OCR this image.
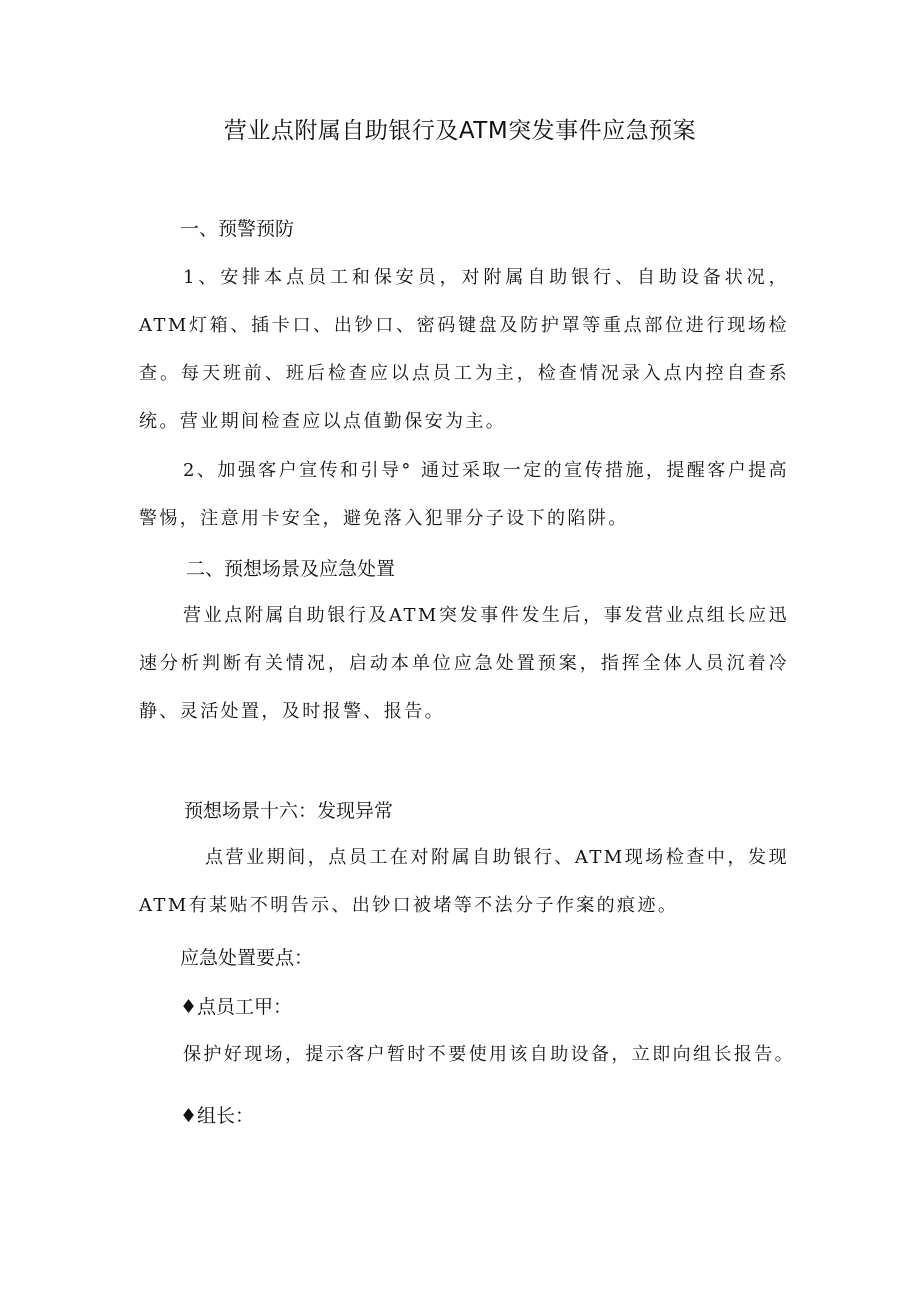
营业点附属自助银行及ATM突发事件应急预案
一、预警预防
1、安排本点员工和保安员，对附属自助银行、自助设备状况，ATM灯箱、插卡口、出钞口、密码键盘及防护罩等重点部位进行现场检查。每天班前、班后检查应以点员工为主，检查情况录入点内控自查系统。营业期间检查应以点值勤保安为主。
2、加强客户宣传和引导° 通过采取一定的宣传措施，提醒客户提高警惕，注意用卡安全，避免落入犯罪分子设下的陷阱。
二、预想场景及应急处置
营业点附属自助银行及ATM突发事件发生后，事发营业点组长应迅速分析判断有关情况，启动本单位应急处置预案，指挥全体人员沉着冷静、灵活处置，及时报警、报告。
预想场景十六：发现异常
点营业期间，点员工在对附属自助银行、ATM现场检查中，发现ATM有某贴不明告示、出钞口被堵等不法分子作案的痕迹。
应急处置要点：
♦点员工甲：
保护好现场，提示客户暂时不要使用该自助设备，立即向组长报告。
♦组长：
